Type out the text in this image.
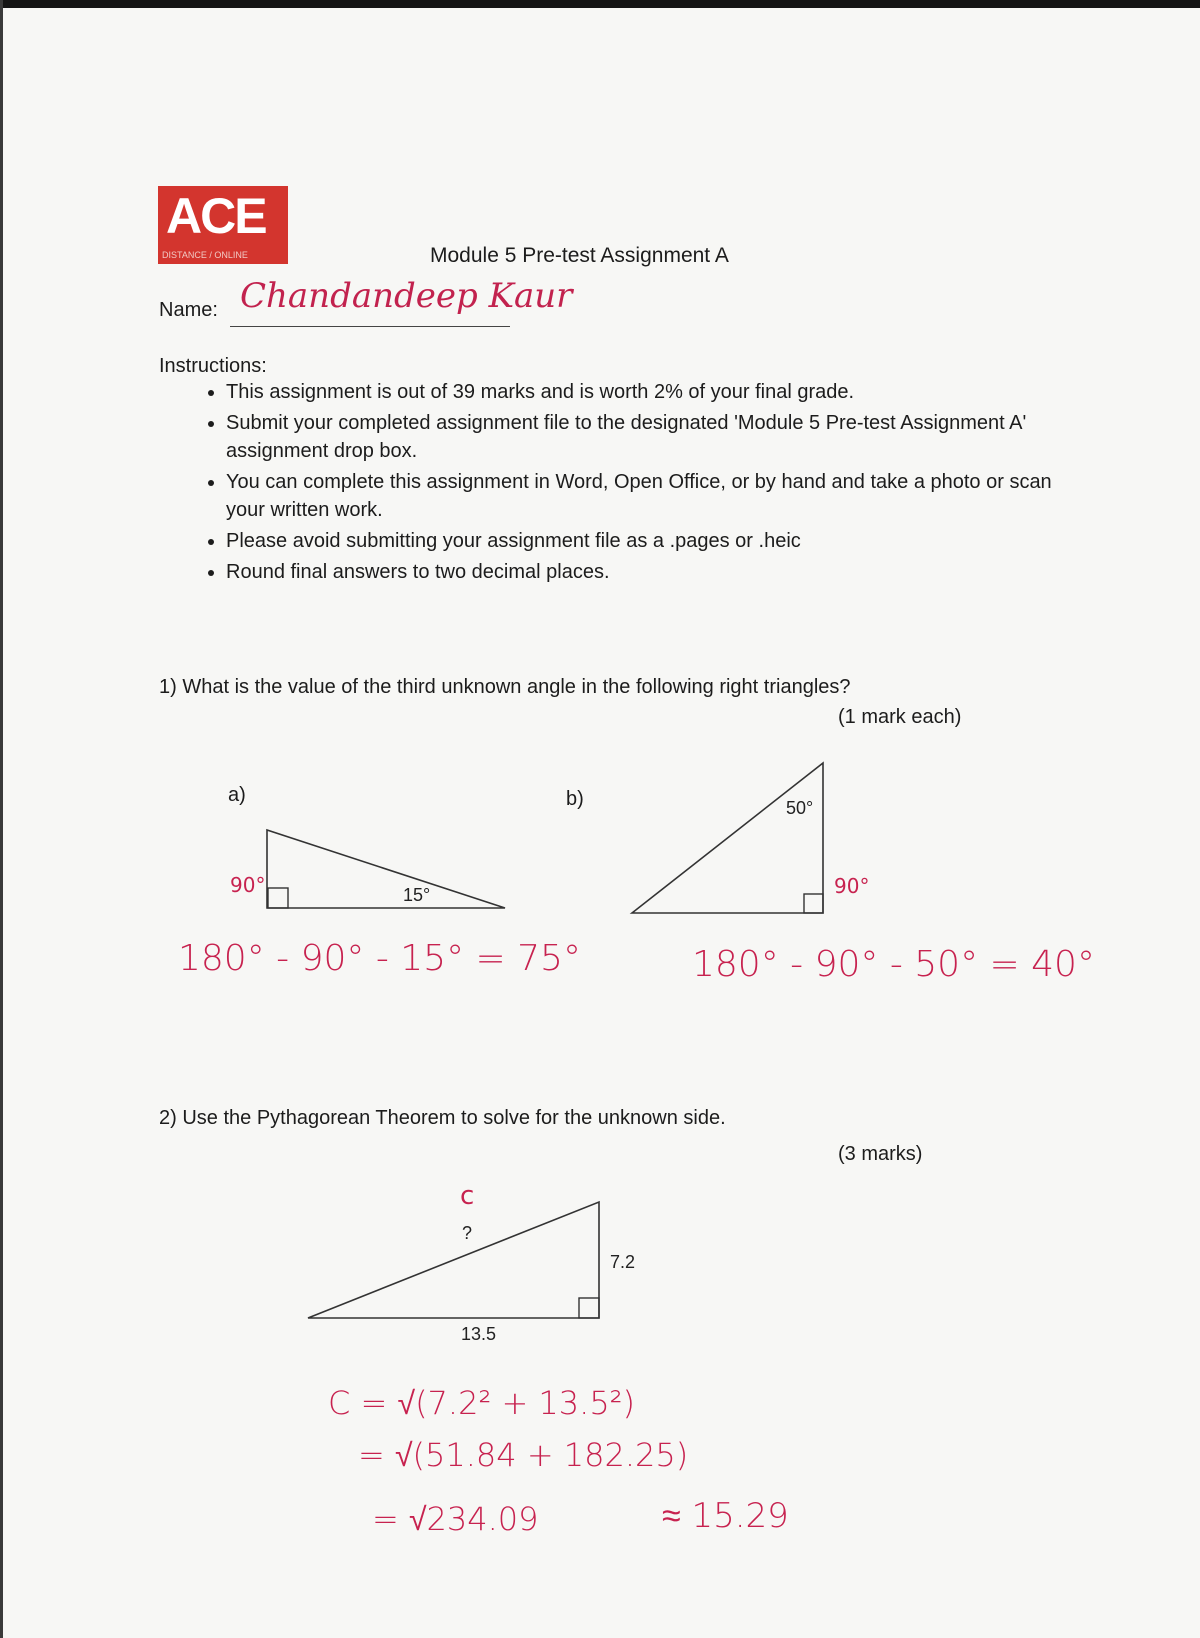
ACE
DISTANCE / ONLINE	Module 5 Pre-test Assignment A
Name: Chandandeep Kaur
Instructions:
• This assignment is out of 39 marks and is worth 2% of your final grade.
• Submit your completed assignment file to the designated 'Module 5 Pre-test Assignment A' assignment drop box.
• You can complete this assignment in Word, Open Office, or by hand and take a photo or scan your written work.
• Please avoid submitting your assignment file as a .pages or .heic
• Round final answers to two decimal places.
1) What is the value of the third unknown angle in the following right triangles?
(1 mark each)
a)	b)
2) Use the Pythagorean Theorem to solve for the unknown side.
(3 marks)
15°
90°
50°
90°
?
c
7.2
13.5
180° - 90° - 15° = 75°	180° - 90° - 50° = 40°
C = √(7.2² + 13.5²)
= √(51.84 + 182.25)
= √234.09	≈ 15.29
